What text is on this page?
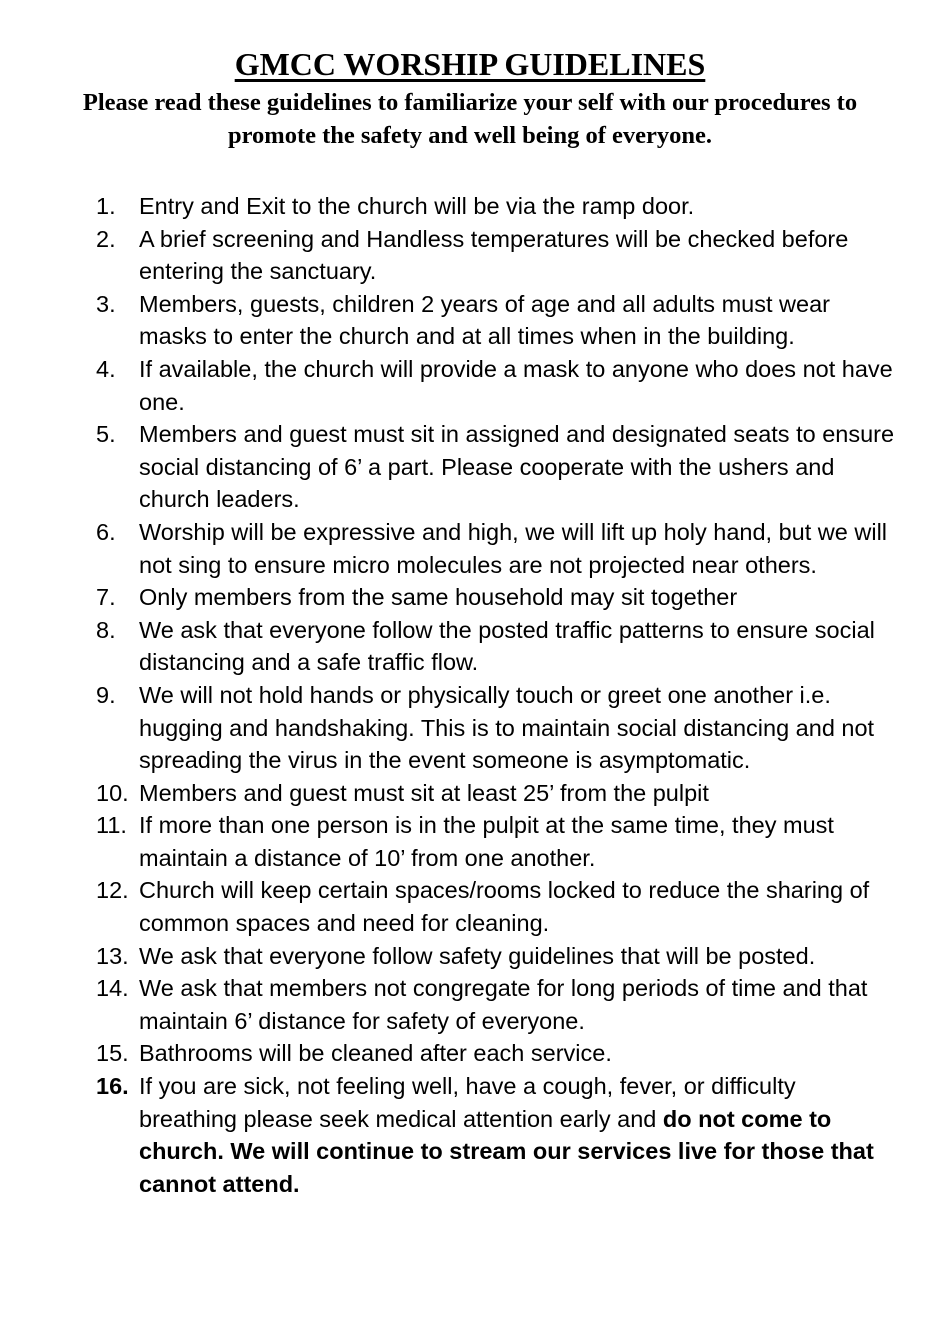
GMCC WORSHIP GUIDELINES

Please read these guidelines to familiarize your self with our procedures to promote the safety and well being of everyone.

1. Entry and Exit to the church will be via the ramp door.
2. A brief screening and Handless temperatures will be checked before entering the sanctuary.
3. Members, guests, children 2 years of age and all adults must wear masks to enter the church and at all times when in the building.
4. If available, the church will provide a mask to anyone who does not have one.
5. Members and guest must sit in assigned and designated seats to ensure social distancing of 6’ a part. Please cooperate with the ushers and church leaders.
6. Worship will be expressive and high, we will lift up holy hand, but we will not sing to ensure micro molecules are not projected near others.
7. Only members from the same household may sit together
8. We ask that everyone follow the posted traffic patterns to ensure social distancing and a safe traffic flow.
9. We will not hold hands or physically touch or greet one another i.e. hugging and handshaking. This is to maintain social distancing and not spreading the virus in the event someone is asymptomatic.
10. Members and guest must sit at least 25’ from the pulpit
11. If more than one person is in the pulpit at the same time, they must maintain a distance of 10’ from one another.
12. Church will keep certain spaces/rooms locked to reduce the sharing of common spaces and need for cleaning.
13. We ask that everyone follow safety guidelines that will be posted.
14. We ask that members not congregate for long periods of time and that maintain 6’ distance for safety of everyone.
15. Bathrooms will be cleaned after each service.
16. If you are sick, not feeling well, have a cough, fever, or difficulty breathing please seek medical attention early and do not come to church. We will continue to stream our services live for those that cannot attend.
